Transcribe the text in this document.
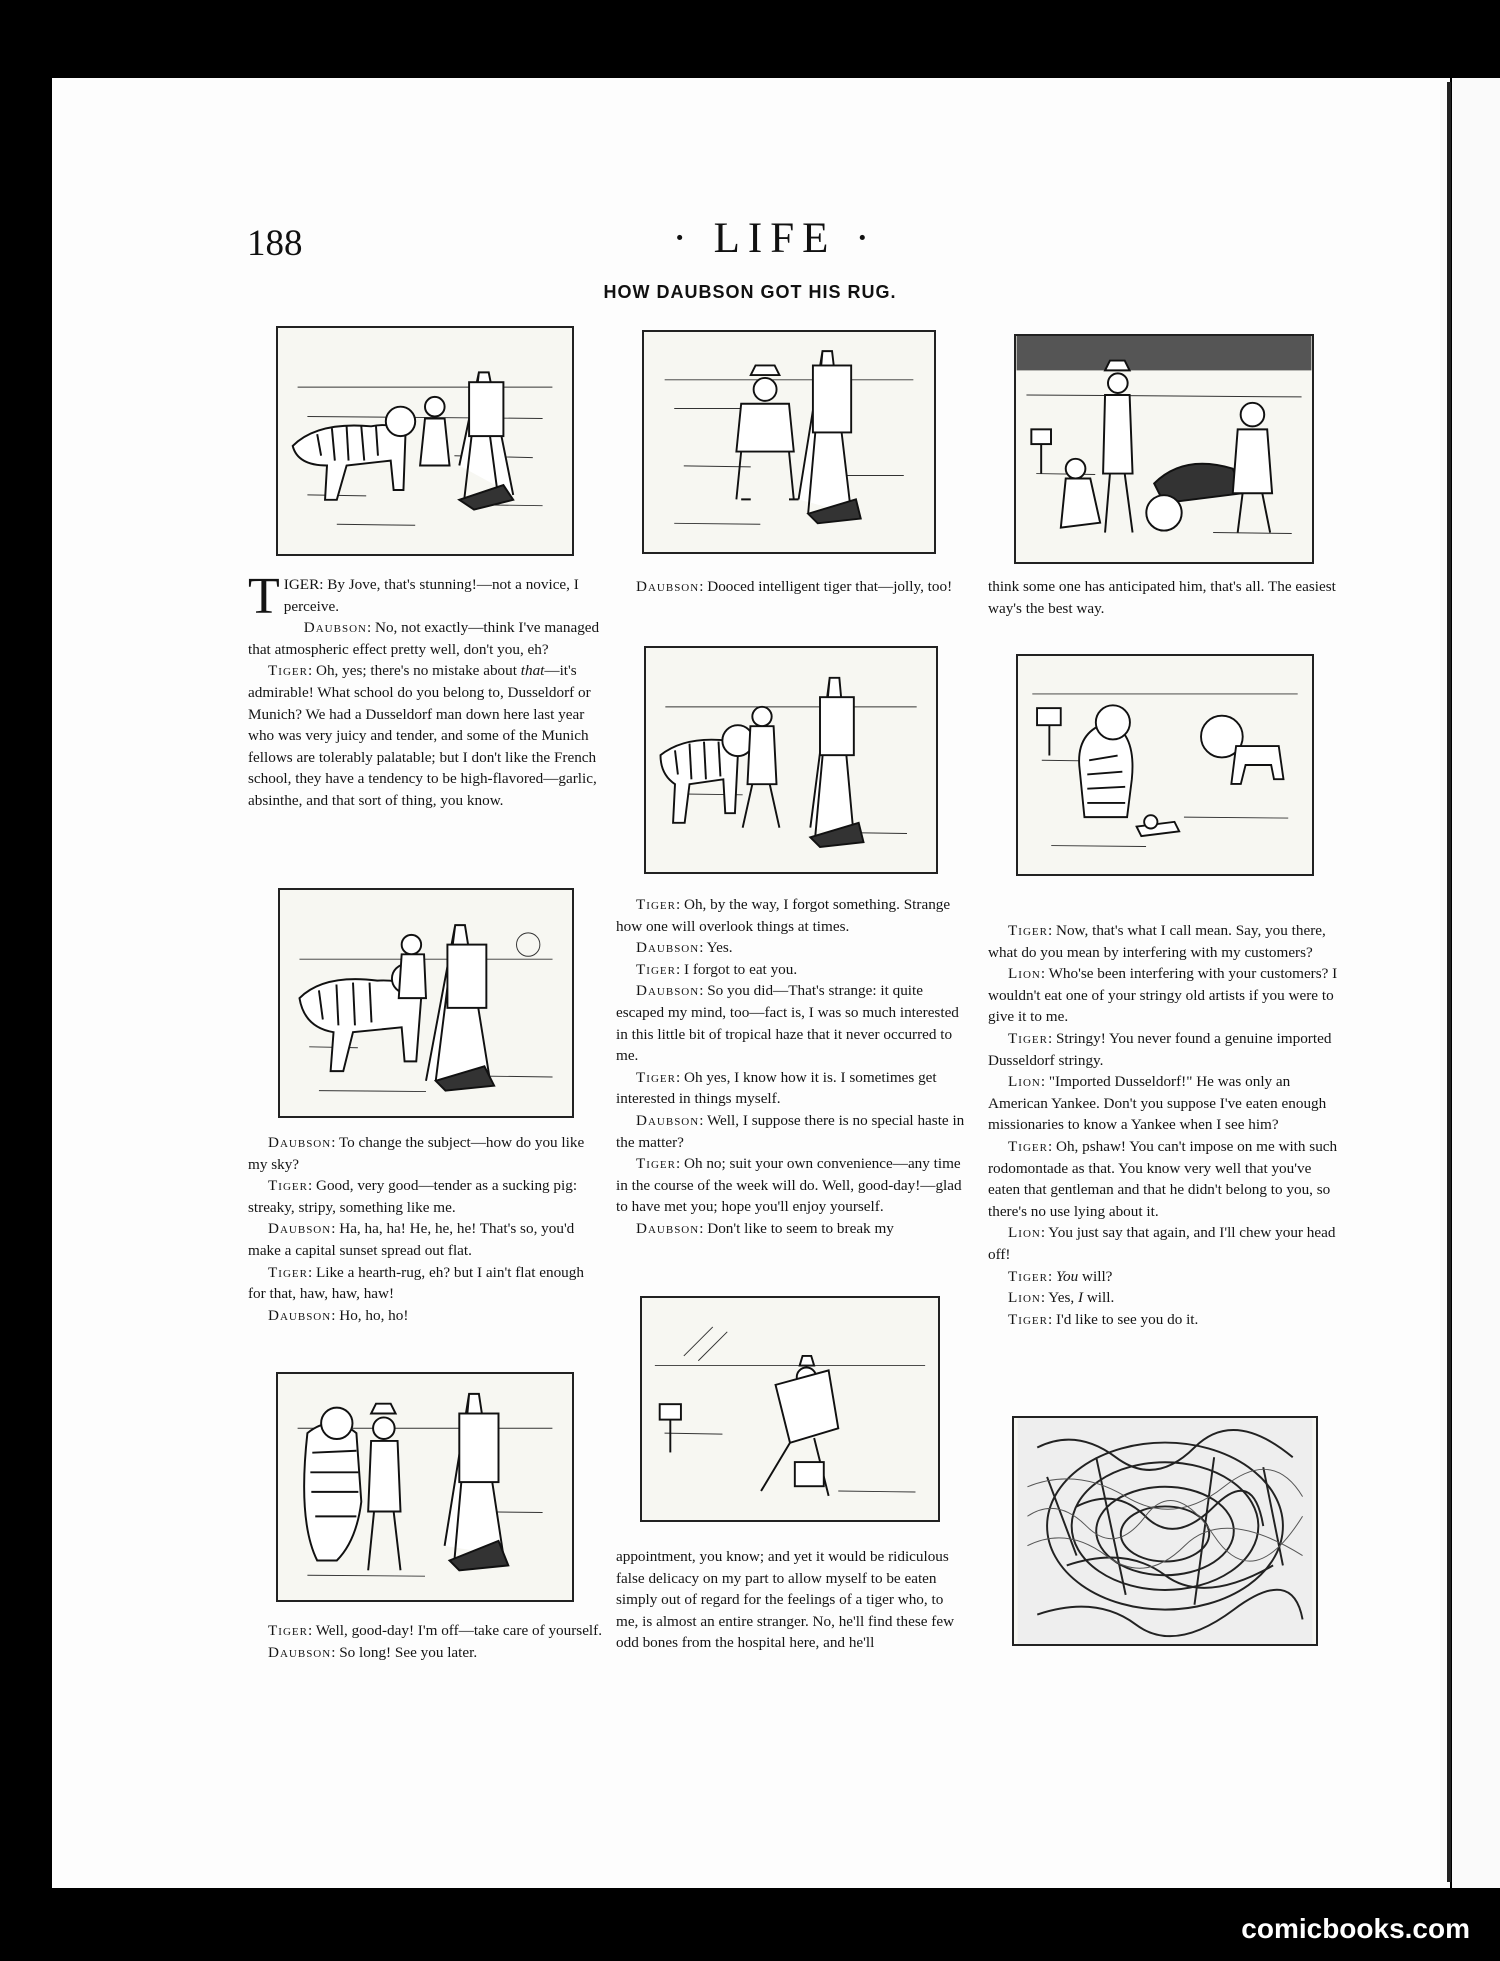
188	· LIFE ·
HOW DAUBSON GOT HIS RUG.

TIGER: By Jove, that's stunning!—not a novice, I perceive.

Daubson: No, not exactly—think I've managed that atmospheric effect pretty well, don't you, eh?

Tiger: Oh, yes; there's no mistake about that—it's admirable! What school do you belong to, Dusseldorf or Munich? We had a Dusseldorf man down here last year who was very juicy and tender, and some of the Munich fellows are tolerably palatable; but I don't like the French school, they have a tendency to be high-flavored—garlic, absinthe, and that sort of thing, you know.

Daubson: To change the subject—how do you like my sky?

Tiger: Good, very good—tender as a sucking pig: streaky, stripy, something like me.

Daubson: Ha, ha, ha! He, he, he! That's so, you'd make a capital sunset spread out flat.

Tiger: Like a hearth-rug, eh? but I ain't flat enough for that, haw, haw, haw!

Daubson: Ho, ho, ho!

Tiger: Well, good-day! I'm off—take care of yourself.

Daubson: So long! See you later.

Daubson: Dooced intelligent tiger that—jolly, too!

Tiger: Oh, by the way, I forgot something. Strange how one will overlook things at times.

Daubson: Yes.

Tiger: I forgot to eat you.

Daubson: So you did—That's strange: it quite escaped my mind, too—fact is, I was so much interested in this little bit of tropical haze that it never occurred to me.

Tiger: Oh yes, I know how it is. I sometimes get interested in things myself.

Daubson: Well, I suppose there is no special haste in the matter?

Tiger: Oh no; suit your own convenience—any time in the course of the week will do. Well, good-day!—glad to have met you; hope you'll enjoy yourself.

Daubson: Don't like to seem to break my

appointment, you know; and yet it would be ridiculous false delicacy on my part to allow myself to be eaten simply out of regard for the feelings of a tiger who, to me, is almost an entire stranger. No, he'll find these few odd bones from the hospital here, and he'll

think some one has anticipated him, that's all. The easiest way's the best way.

Tiger: Now, that's what I call mean. Say, you there, what do you mean by interfering with my customers?

Lion: Who'se been interfering with your customers? I wouldn't eat one of your stringy old artists if you were to give it to me.

Tiger: Stringy! You never found a genuine imported Dusseldorf stringy.

Lion: "Imported Dusseldorf!" He was only an American Yankee. Don't you suppose I've eaten enough missionaries to know a Yankee when I see him?

Tiger: Oh, pshaw! You can't impose on me with such rodomontade as that. You know very well that you've eaten that gentleman and that he didn't belong to you, so there's no use lying about it.

Lion: You just say that again, and I'll chew your head off!

Tiger: You will?

Lion: Yes, I will.

Tiger: I'd like to see you do it.

comicbooks.com
